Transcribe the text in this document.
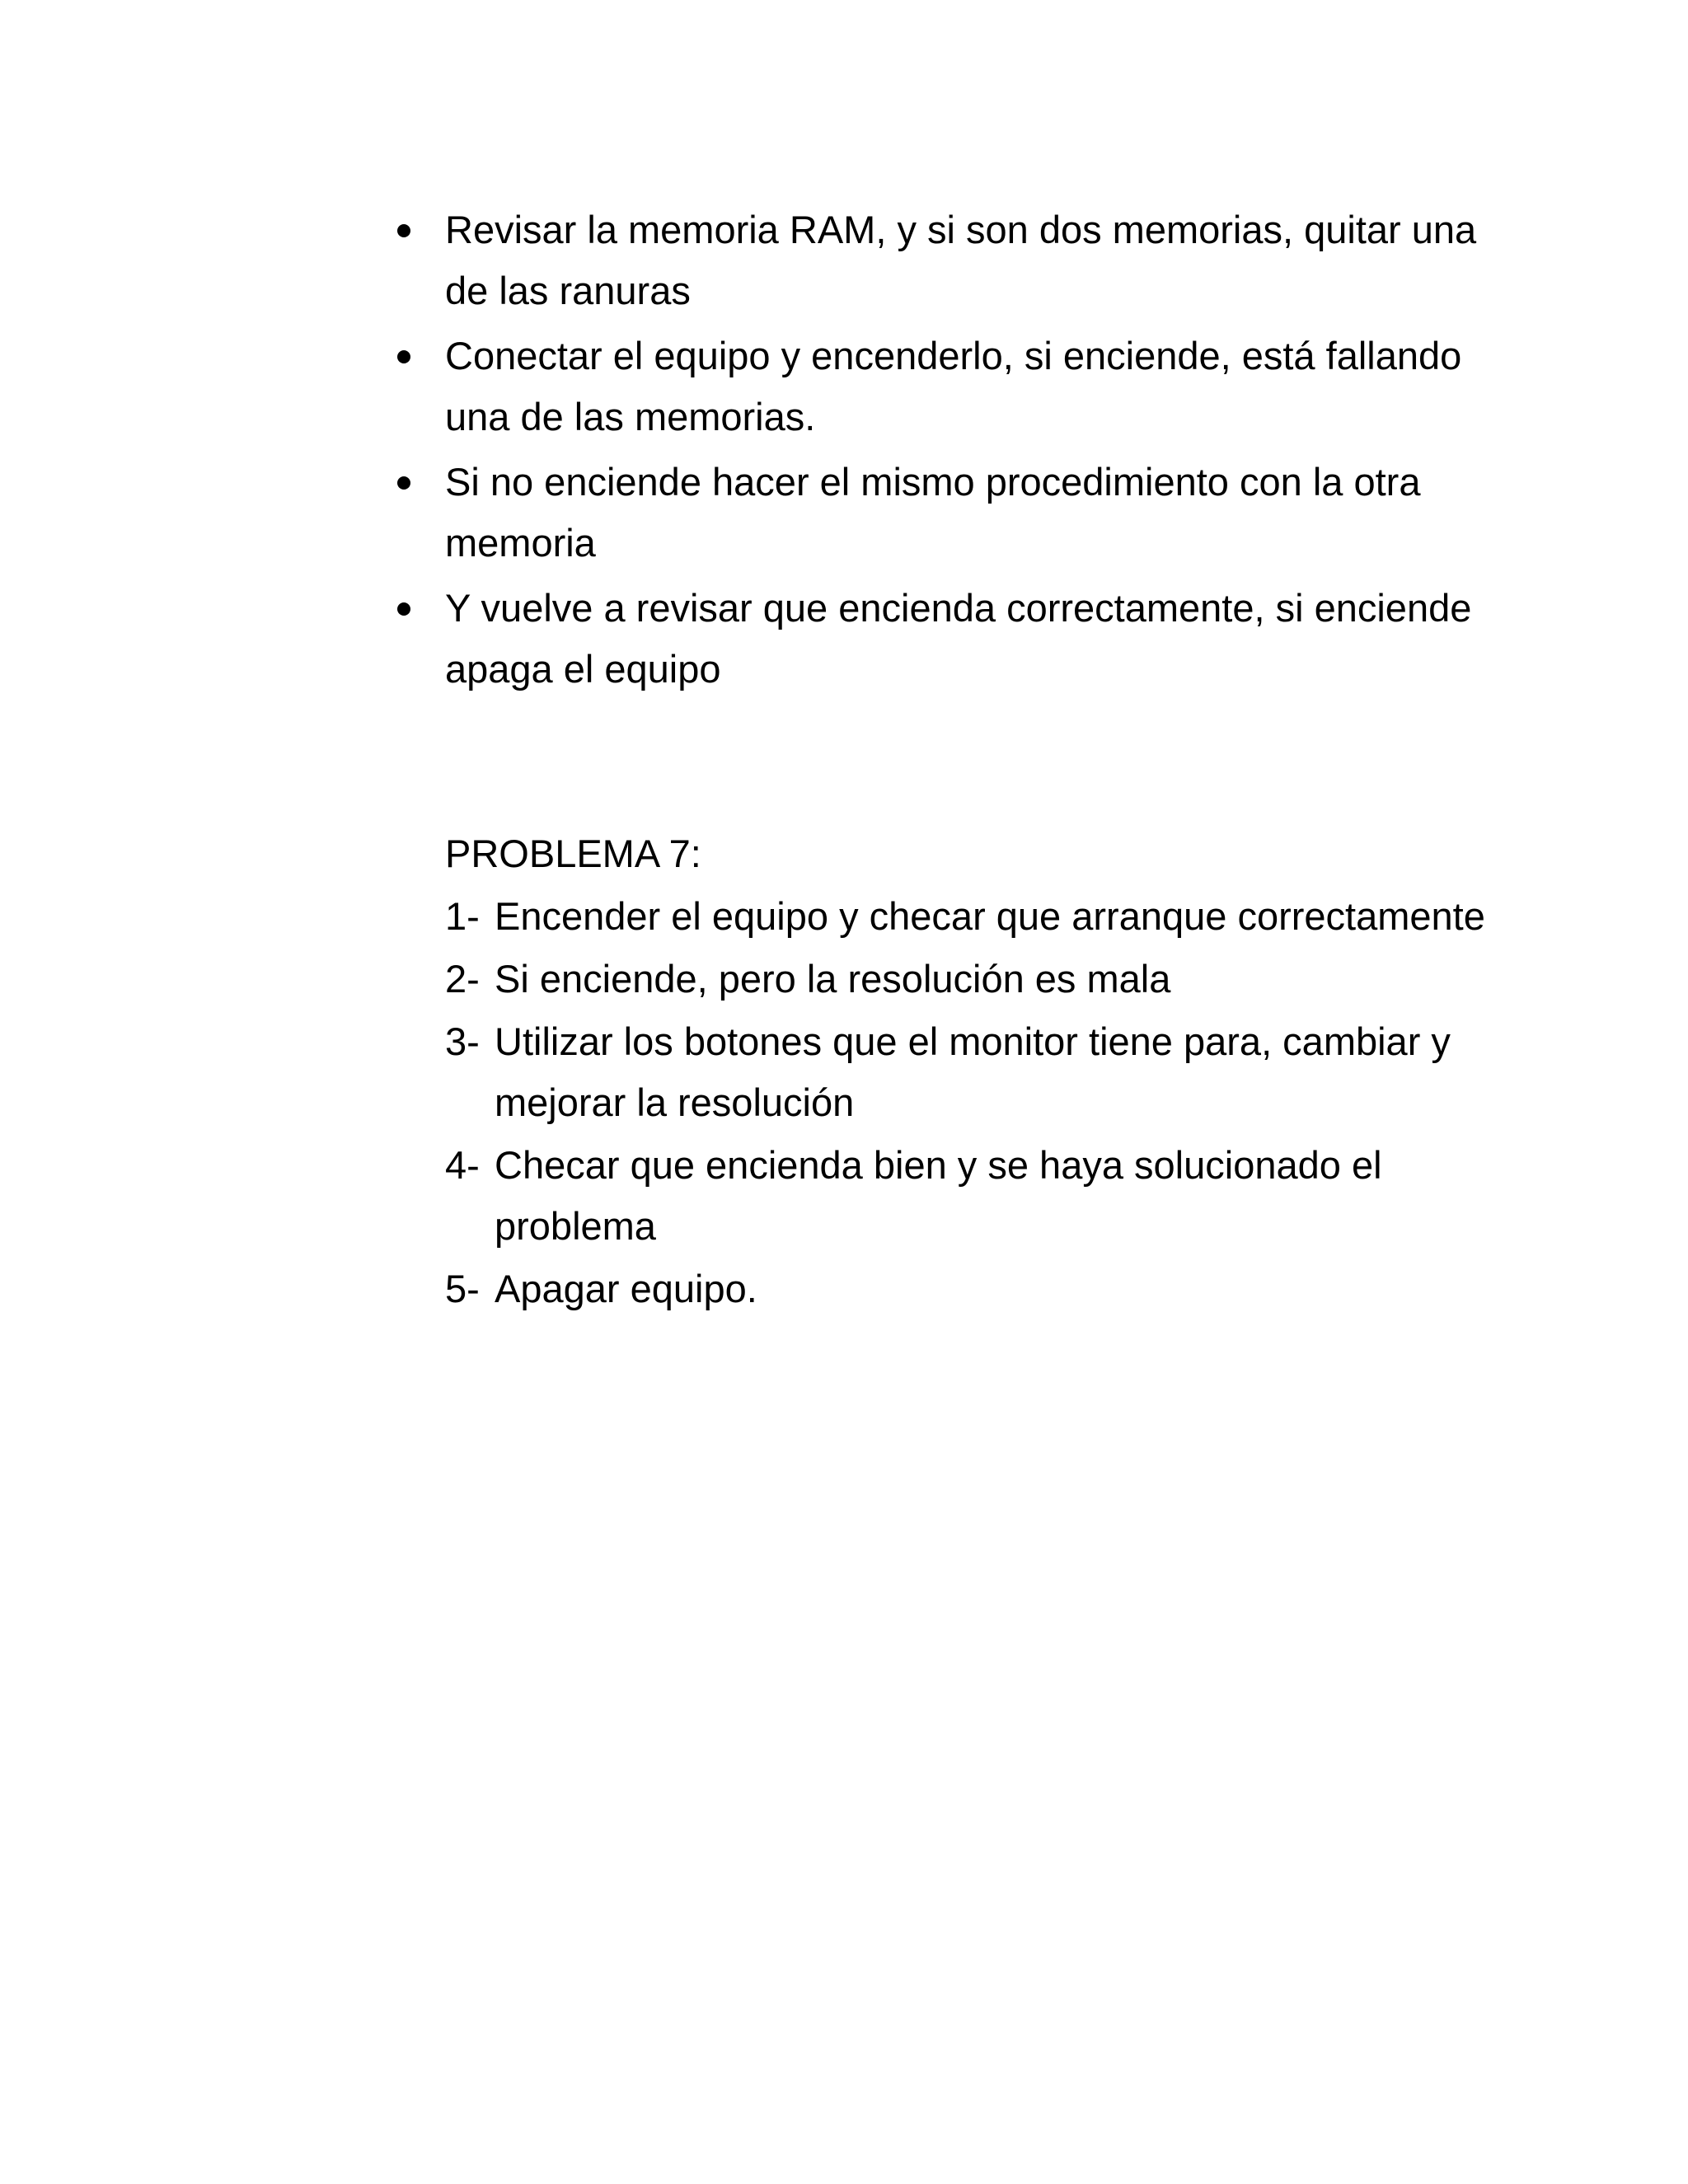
Revisar la memoria RAM, y si son dos memorias, quitar una de las ranuras
Conectar el equipo y encenderlo, si enciende, está fallando una de las memorias.
Si no enciende hacer el mismo procedimiento con la otra memoria
Y vuelve a revisar que encienda correctamente, si enciende apaga el equipo
PROBLEMA 7:
1- Encender el equipo y checar que arranque correctamente
2- Si enciende, pero la resolución es mala
3- Utilizar los botones que el monitor tiene para, cambiar y mejorar la resolución
4- Checar que encienda bien y se haya solucionado el problema
5- Apagar equipo.
